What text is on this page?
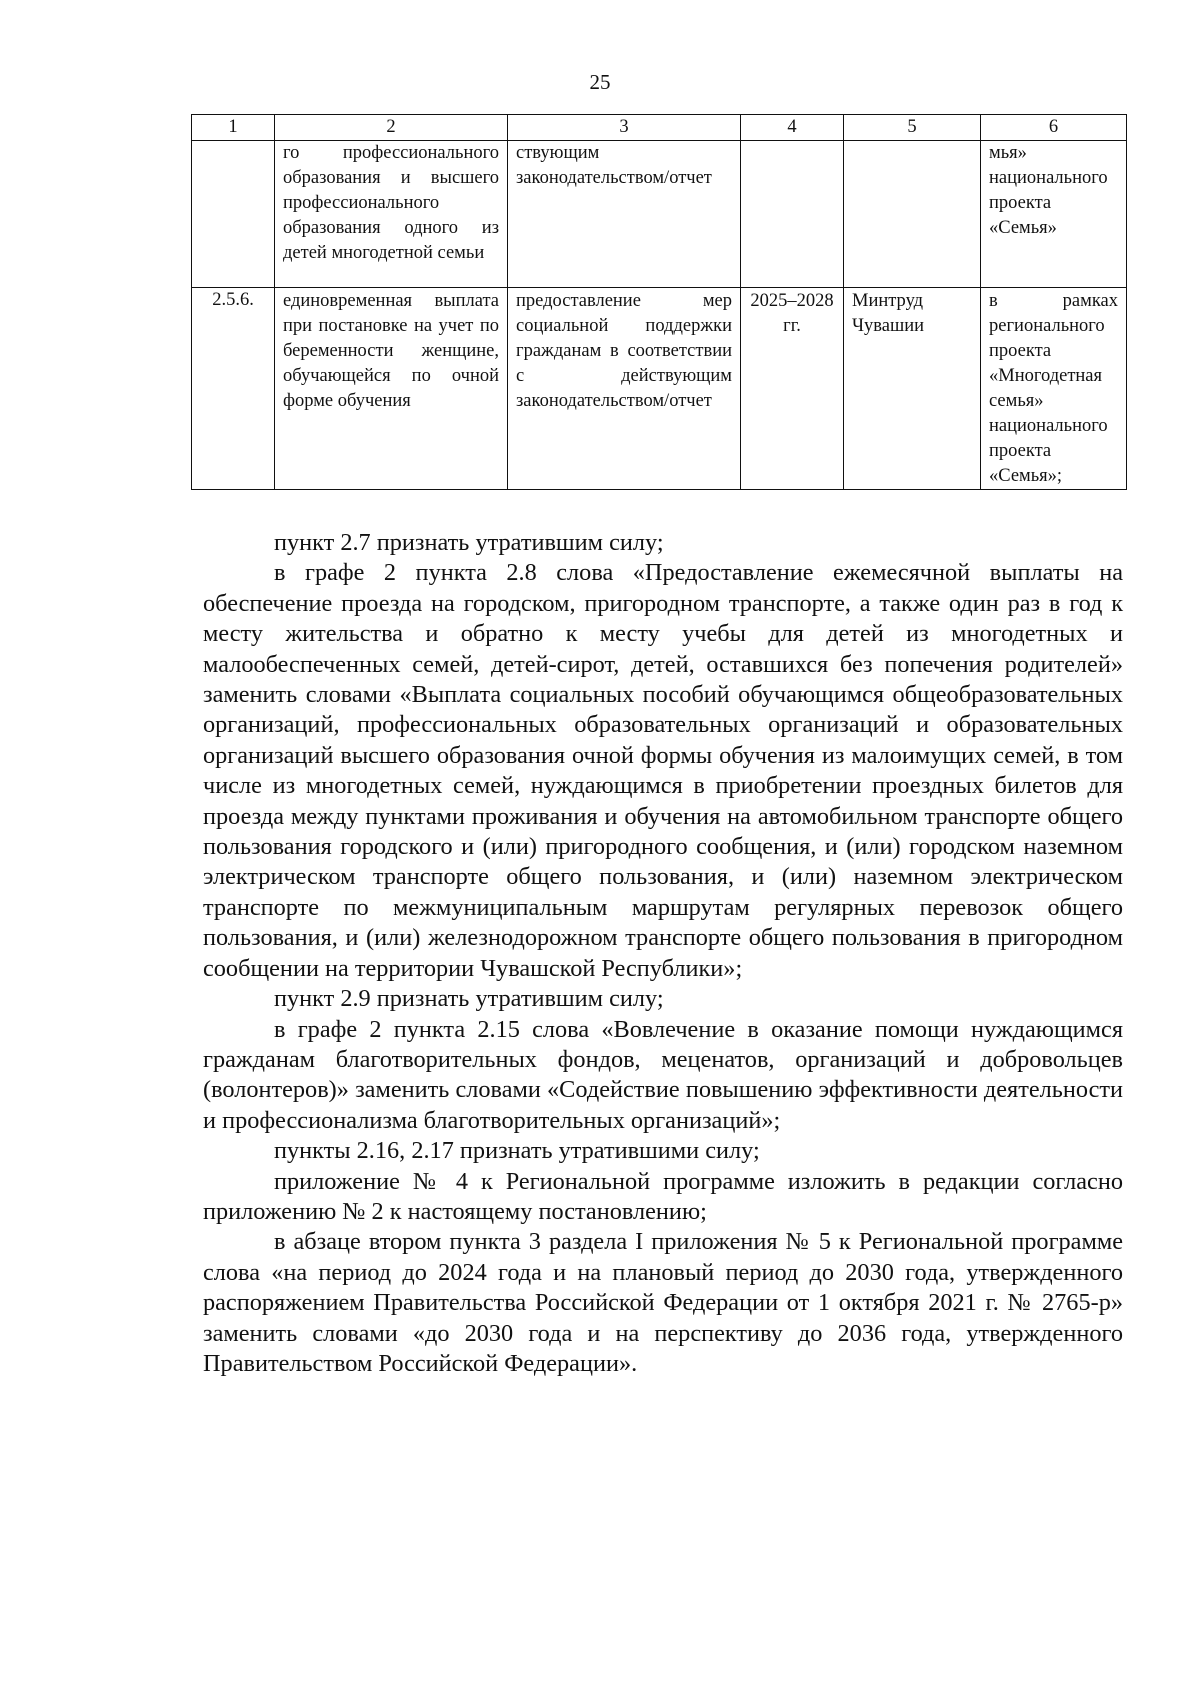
25
1	2	3	4	5	6
	го профессионального образования и высшего профессионального образования одного из детей многодетной семьи	ствующим законодательством/отчет			мья» национального проекта «Семья»
2.5.6.	единовременная выплата при постановке на учет по беременности женщине, обучающейся по очной форме обучения	предоставление мер социальной поддержки гражданам в соответствии с действующим законодательством/отчет	2025–2028 гг.	Минтруд Чувашии	в рамках регионального проекта «Многодетная семья» национального проекта «Семья»;

пункт 2.7 признать утратившим силу;

в графе 2 пункта 2.8 слова «Предоставление ежемесячной выплаты на обеспечение проезда на городском, пригородном транспорте, а также один раз в год к месту жительства и обратно к месту учебы для детей из многодетных и малообеспеченных семей, детей-сирот, детей, оставшихся без попечения родителей» заменить словами «Выплата социальных пособий обучающимся общеобразовательных организаций, профессиональных образовательных организаций и образовательных организаций высшего образования очной формы обучения из малоимущих семей, в том числе из многодетных семей, нуждающимся в приобретении проездных билетов для проезда между пунктами проживания и обучения на автомобильном транспорте общего пользования городского и (или) пригородного сообщения, и (или) городском наземном электрическом транспорте общего пользования, и (или) наземном электрическом транспорте по межмуниципальным маршрутам регулярных перевозок общего пользования, и (или) железнодорожном транспорте общего пользования в пригородном сообщении на территории Чувашской Республики»;

пункт 2.9 признать утратившим силу;

в графе 2 пункта 2.15 слова «Вовлечение в оказание помощи нуждающимся гражданам благотворительных фондов, меценатов, организаций и добровольцев (волонтеров)» заменить словами «Содействие повышению эффективности деятельности и профессионализма благотворительных организаций»;

пункты 2.16, 2.17 признать утратившими силу;

приложение № 4 к Региональной программе изложить в редакции согласно приложению № 2 к настоящему постановлению;

в абзаце втором пункта 3 раздела I приложения № 5 к Региональной программе слова «на период до 2024 года и на плановый период до 2030 года, утвержденного распоряжением Правительства Российской Федерации от 1 октября 2021 г. № 2765-р» заменить словами «до 2030 года и на перспективу до 2036 года, утвержденного Правительством Российской Федерации».
